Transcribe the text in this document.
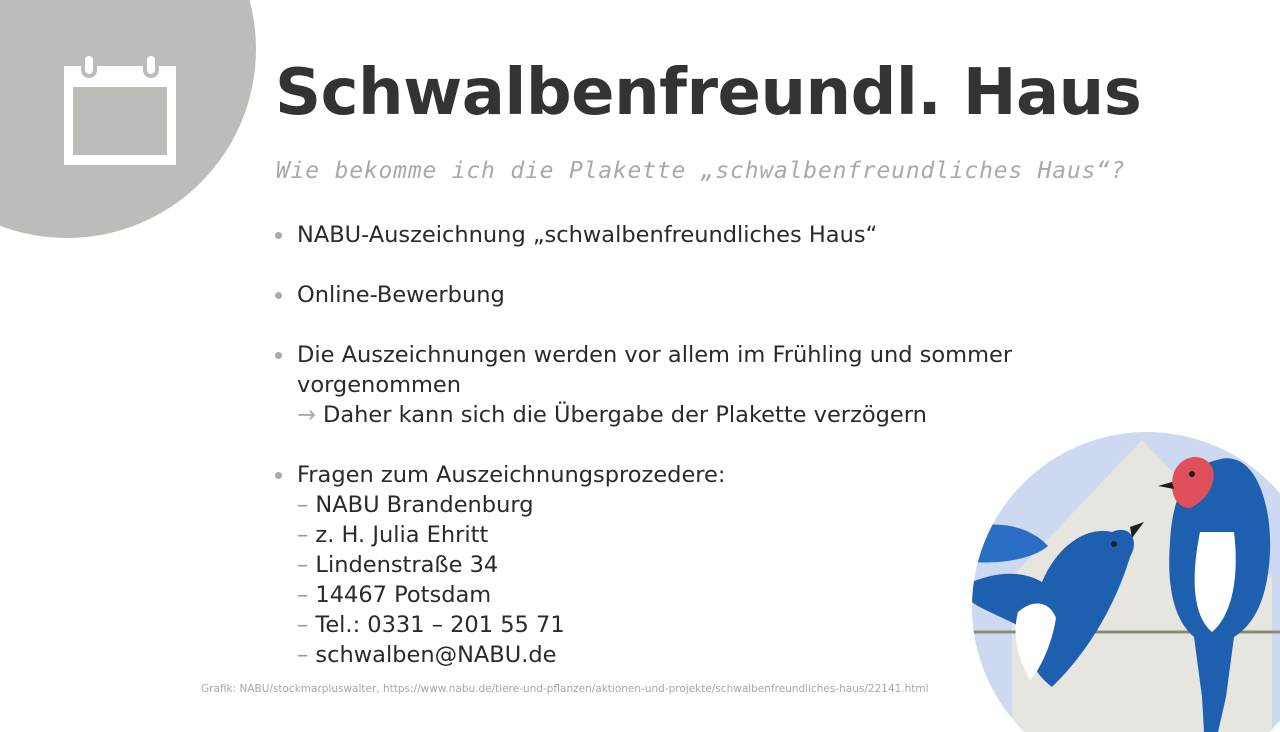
Schwalbenfreundl. Haus
Wie bekomme ich die Plakette „schwalbenfreundliches Haus“?
NABU-Auszeichnung „schwalbenfreundliches Haus“
Online-Bewerbung
Die Auszeichnungen werden vor allem im Frühling und sommer
vorgenommen
→ Daher kann sich die Übergabe der Plakette verzögern
Fragen zum Auszeichnungsprozedere:
– NABU Brandenburg
– z. H. Julia Ehritt
– Lindenstraße 34
– 14467 Potsdam
– Tel.: 0331 – 201 55 71
– schwalben@NABU.de
Grafik: NABU/stockmarpluswalter, https://www.nabu.de/tiere-und-pflanzen/aktionen-und-projekte/schwalbenfreundliches-haus/22141.html
